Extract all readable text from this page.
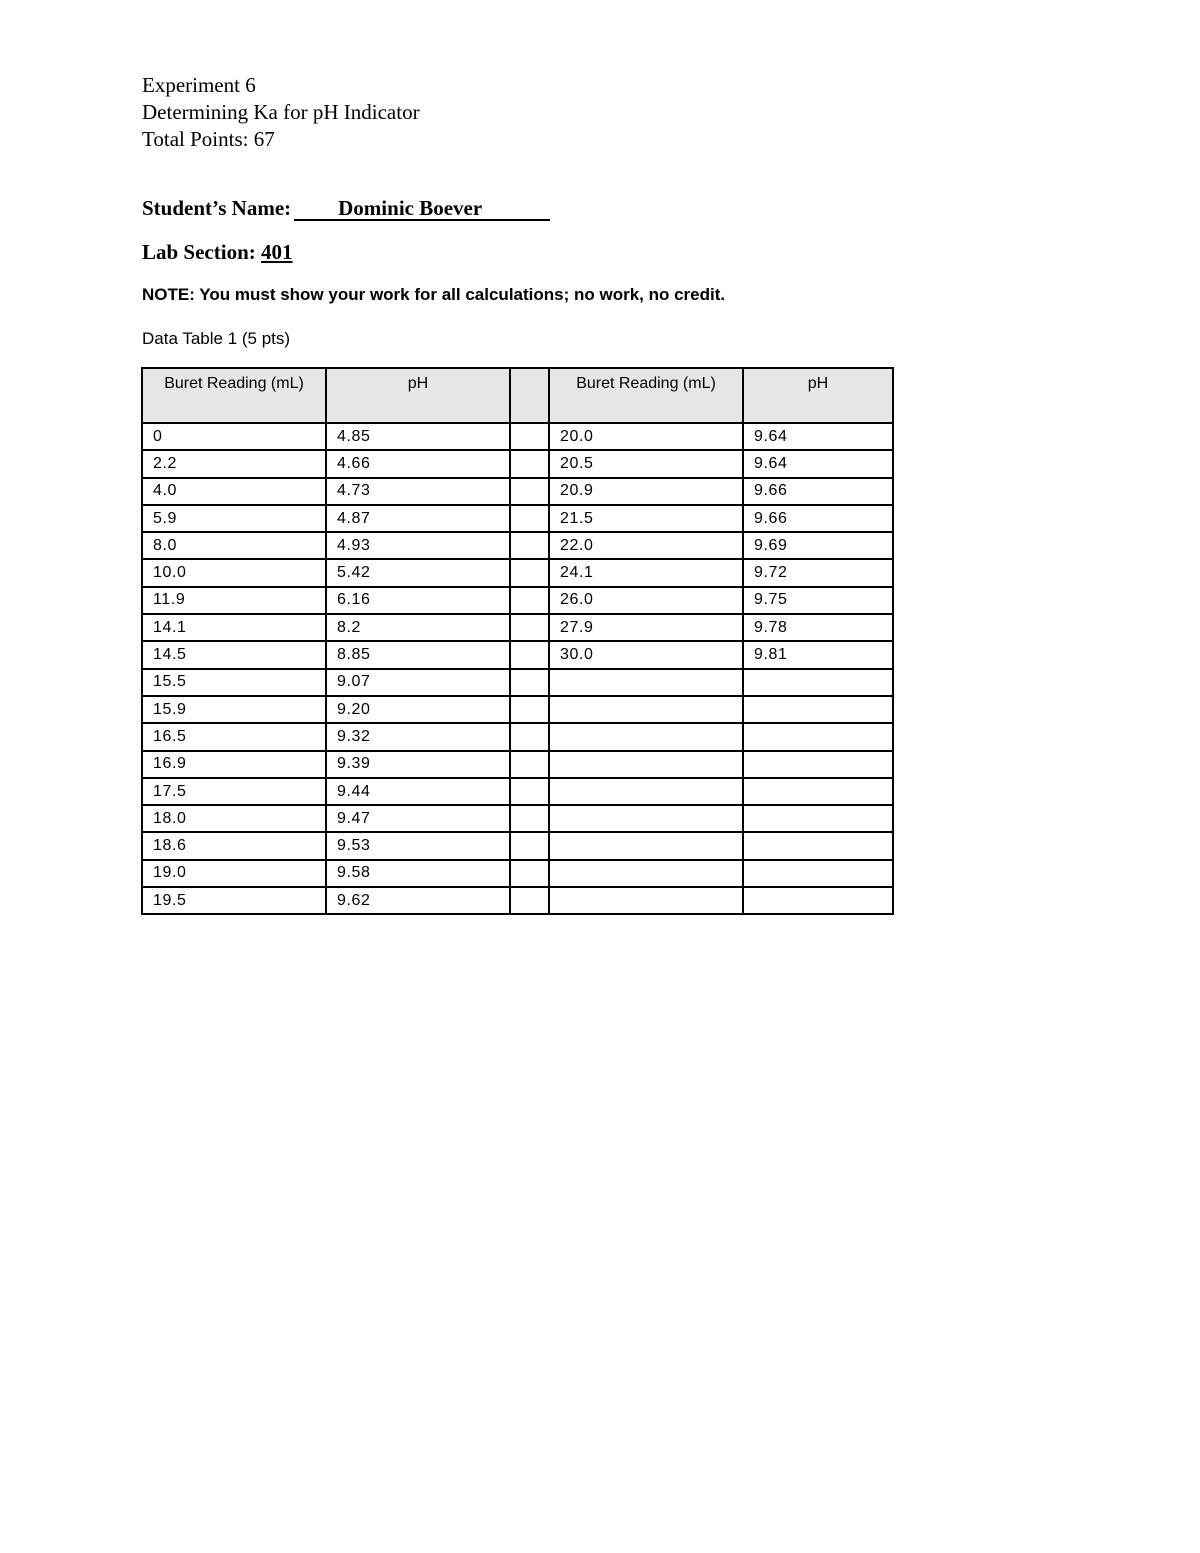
Experiment 6
Determining Ka for pH Indicator
Total Points: 67
Student’s Name: Dominic Boever
Lab Section: 401
NOTE: You must show your work for all calculations; no work, no credit.
Data Table 1 (5 pts)
Buret Reading (mL)	pH		Buret Reading (mL)	pH
0	4.85		20.0	9.64
2.2	4.66		20.5	9.64
4.0	4.73		20.9	9.66
5.9	4.87		21.5	9.66
8.0	4.93		22.0	9.69
10.0	5.42		24.1	9.72
11.9	6.16		26.0	9.75
14.1	8.2		27.9	9.78
14.5	8.85		30.0	9.81
15.5	9.07			
15.9	9.20			
16.5	9.32			
16.9	9.39			
17.5	9.44			
18.0	9.47			
18.6	9.53			
19.0	9.58			
19.5	9.62			
